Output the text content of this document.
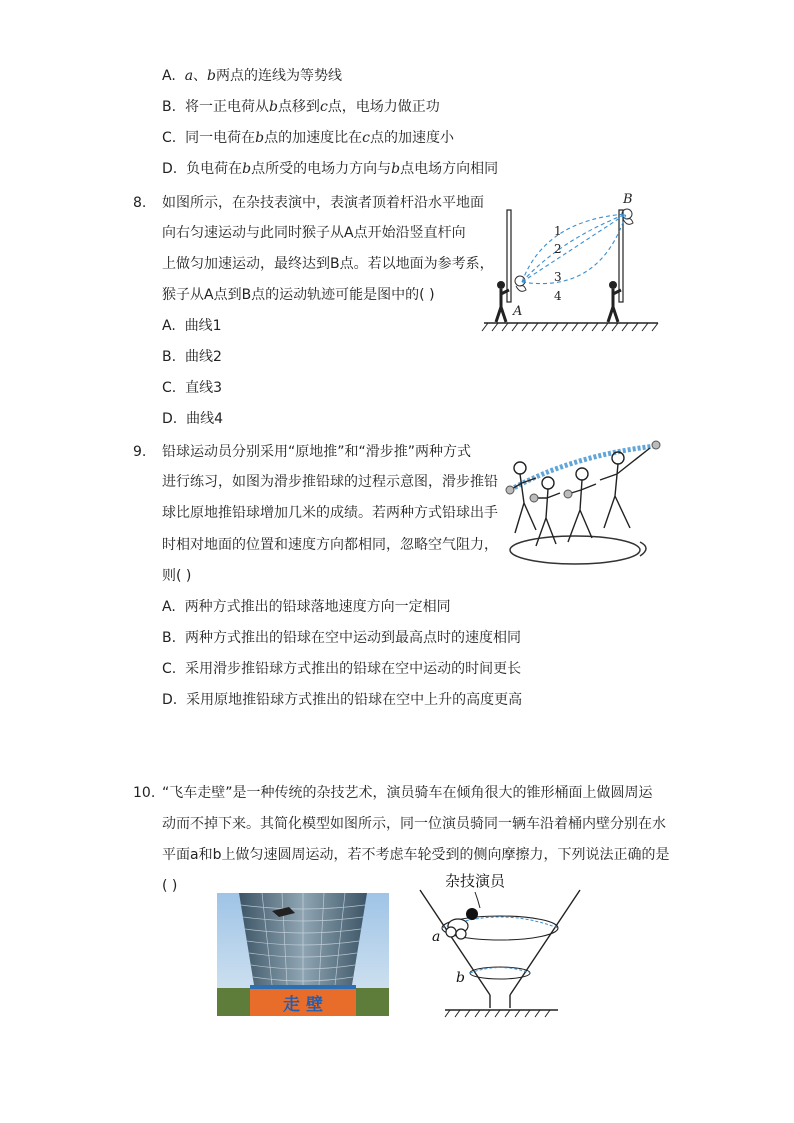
A. a、b两点的连线为等势线
B. 将一正电荷从b点移到c点，电场力做正功
C. 同一电荷在b点的加速度比在c点的加速度小
D. 负电荷在b点所受的电场力方向与b点电场方向相同
8. 如图所示，在杂技表演中，表演者顶着杆沿水平地面
向右匀速运动与此同时猴子从A点开始沿竖直杆向
上做匀加速运动，最终达到B点。若以地面为参考系，
猴子从A点到B点的运动轨迹可能是图中的( )
A. 曲线1
B. 曲线2
C. 直线3
D. 曲线4
1
2
3
4
A
B
9. 铅球运动员分别采用“原地推”和“滑步推”两种方式
进行练习，如图为滑步推铅球的过程示意图，滑步推铅
球比原地推铅球增加几米的成绩。若两种方式铅球出手
时相对地面的位置和速度方向都相同，忽略空气阻力，
则( )
A. 两种方式推出的铅球落地速度方向一定相同
B. 两种方式推出的铅球在空中运动到最高点时的速度相同
C. 采用滑步推铅球方式推出的铅球在空中运动的时间更长
D. 采用原地推铅球方式推出的铅球在空中上升的高度更高
10. “飞车走壁”是一种传统的杂技艺术，演员骑车在倾角很大的锥形桶面上做圆周运
动而不掉下来。其简化模型如图所示，同一位演员骑同一辆车沿着桶内壁分别在水
平面a和b上做匀速圆周运动，若不考虑车轮受到的侧向摩擦力，下列说法正确的是
( )
走 壁
杂技演员
a
b
